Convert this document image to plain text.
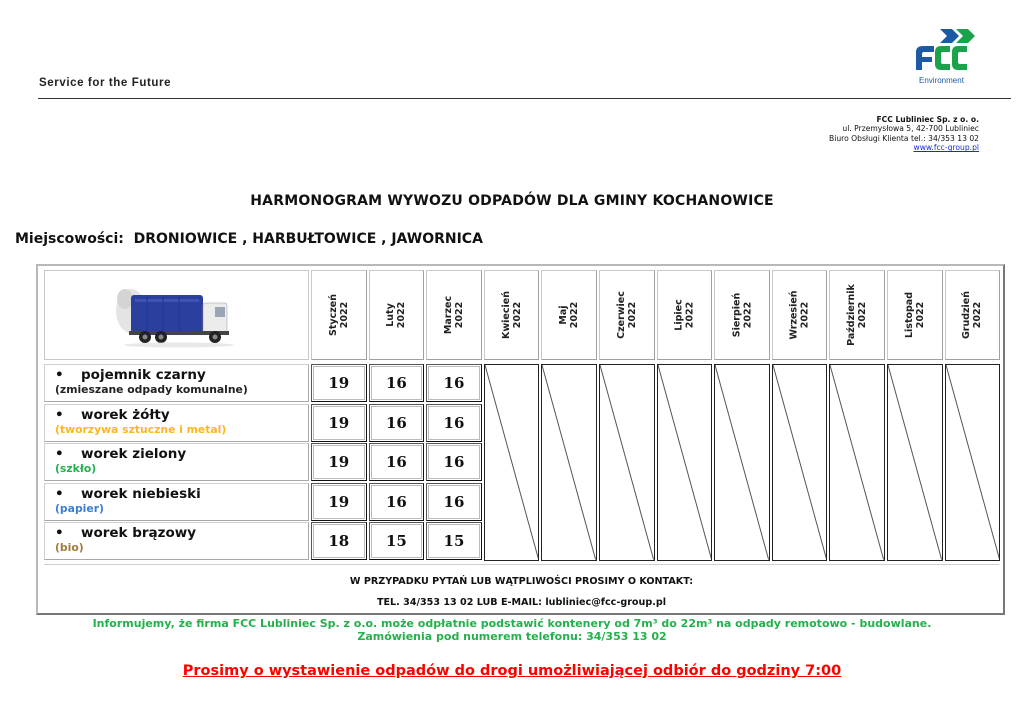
Service for the Future	Environment
FCC Lubliniec Sp. z o. o.
ul. Przemysłowa 5, 42-700 Lubliniec
Biuro Obsługi Klienta tel.: 34/353 13 02
www.fcc-group.pl
HARMONOGRAM WYWOZU ODPADÓW DLA GMINY KOCHANOWICE
Miejscowości: DRONIOWICE , HARBUŁTOWICE , JAWORNICA
Styczeń 2022	Luty 2022	Marzec 2022	Kwiecień 2022	Maj 2022	Czerwiec 2022	Lipiec 2022	Sierpień 2022	Wrzesień 2022	Październik 2022	Listopad 2022	Grudzień 2022
• pojemnik czarny
(zmieszane odpady komunalne)	19	16	16
• worek żółty
(tworzywa sztuczne i metal)	19	16	16
• worek zielony
(szkło)	19	16	16
• worek niebieski
(papier)	19	16	16
• worek brązowy
(bio)	18	15	15
W PRZYPADKU PYTAŃ LUB WĄTPLIWOŚCI PROSIMY O KONTAKT:
TEL. 34/353 13 02 LUB E-MAIL: lubliniec@fcc-group.pl
Informujemy, że firma FCC Lubliniec Sp. z o.o. może odpłatnie podstawić kontenery od 7m³ do 22m³ na odpady remotowo - budowlane.
Zamówienia pod numerem telefonu: 34/353 13 02
Prosimy o wystawienie odpadów do drogi umożliwiającej odbiór do godziny 7:00
